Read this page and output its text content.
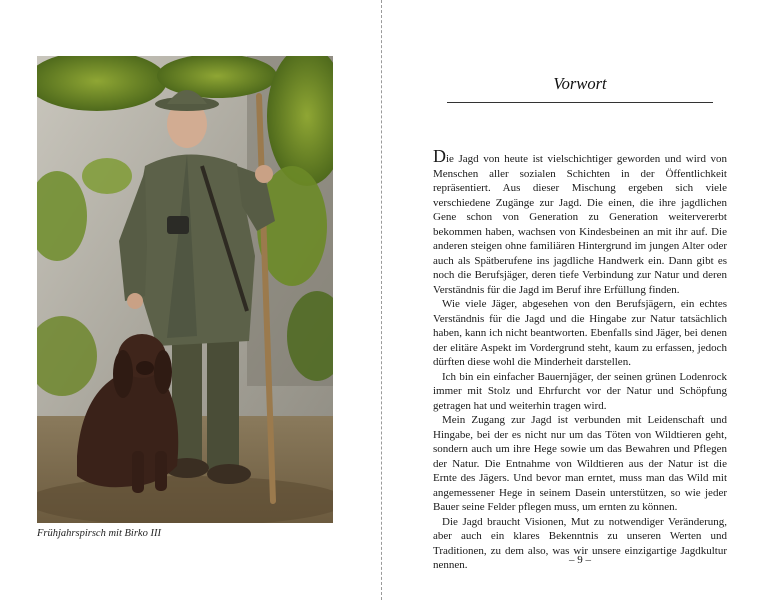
Frühjahrspirsch mit Birko III
Vorwort

Die Jagd von heute ist vielschichtiger geworden und wird von Menschen aller sozialen Schichten in der Öffentlichkeit repräsentiert. Aus dieser Mischung ergeben sich viele verschiedene Zugänge zur Jagd. Die einen, die ihre jagdlichen Gene schon von Generation zu Generation weitervererbt bekommen haben, wachsen von Kindesbeinen an mit ihr auf. Die anderen steigen ohne familiären Hintergrund im jungen Alter oder auch als Spätberufene ins jagdliche Handwerk ein. Dann gibt es noch die Berufsjäger, deren tiefe Verbindung zur Natur und deren Verständnis für die Jagd im Beruf ihre Erfüllung finden.

Wie viele Jäger, abgesehen von den Berufsjägern, ein echtes Verständnis für die Jagd und die Hingabe zur Natur tatsächlich haben, kann ich nicht beantworten. Ebenfalls sind Jäger, bei denen der elitäre Aspekt im Vordergrund steht, kaum zu erfassen, jedoch dürften diese wohl die Minderheit darstellen.

Ich bin ein einfacher Bauernjäger, der seinen grünen Lodenrock immer mit Stolz und Ehrfurcht vor der Natur und Schöpfung getragen hat und weiterhin tragen wird.

Mein Zugang zur Jagd ist verbunden mit Leidenschaft und Hingabe, bei der es nicht nur um das Töten von Wildtieren geht, sondern auch um ihre Hege sowie um das Bewahren und Pflegen der Natur. Die Entnahme von Wildtieren aus der Natur ist die Ernte des Jägers. Und bevor man erntet, muss man das Wild mit angemessener Hege in seinem Dasein unterstützen, so wie jeder Bauer seine Felder pflegen muss, um ernten zu können.

Die Jagd braucht Visionen, Mut zu notwendiger Veränderung, aber auch ein klares Bekenntnis zu unseren Werten und Traditionen, zu dem also, was wir unsere einzigartige Jagdkultur nennen.	– 9 –
